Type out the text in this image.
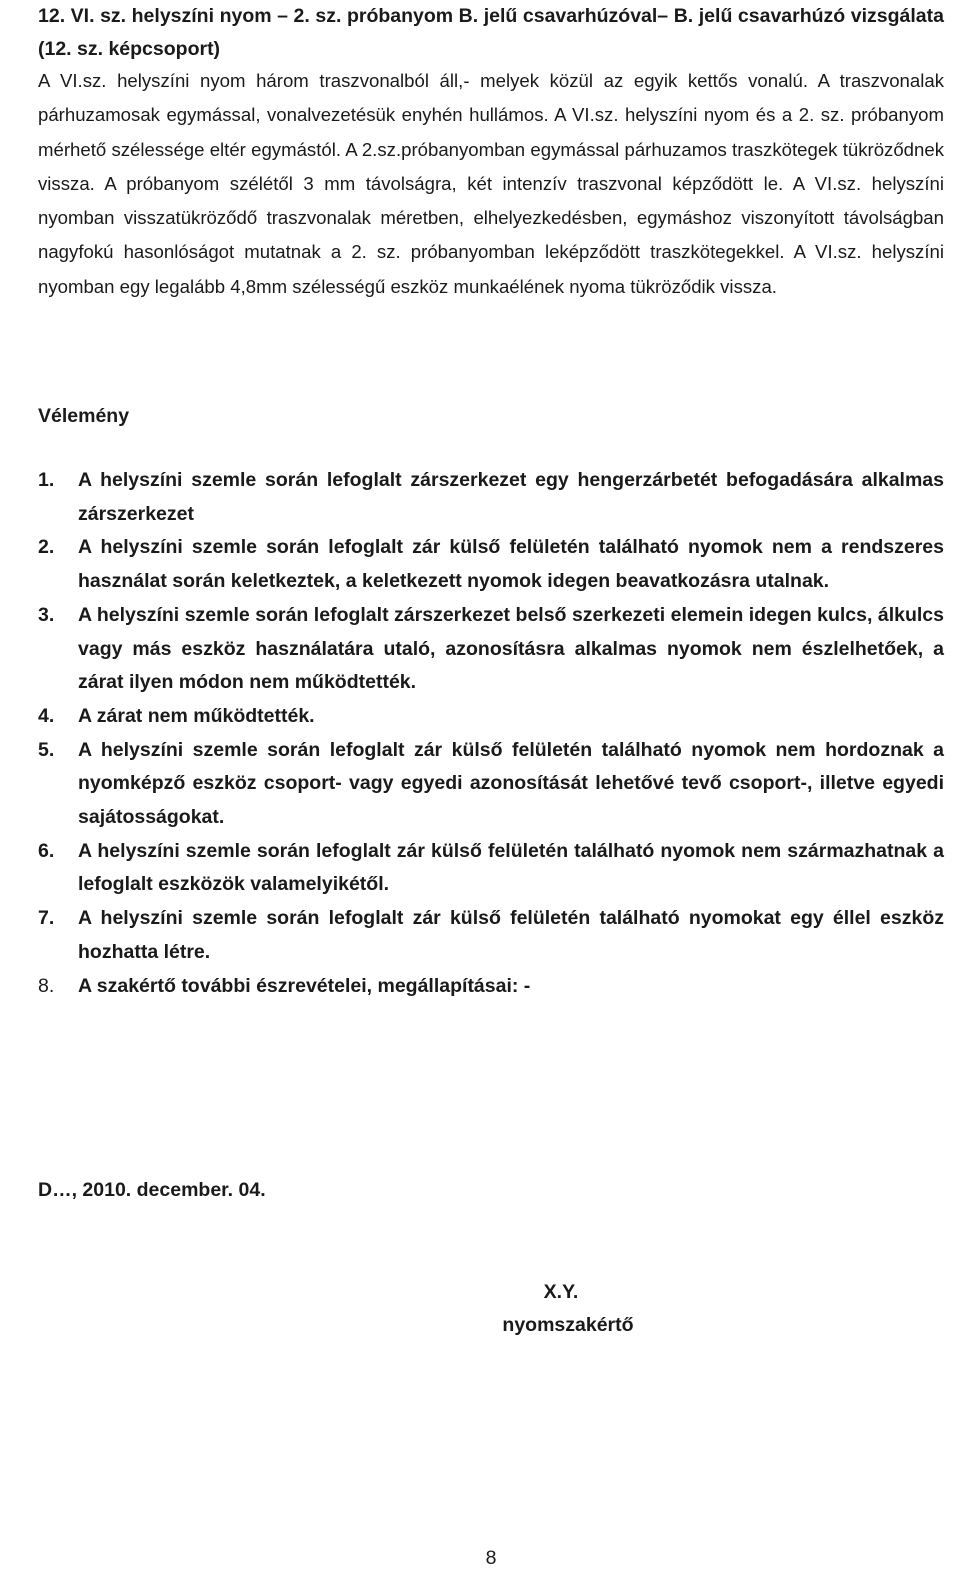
12. VI. sz. helyszíni nyom – 2. sz. próbanyom B. jelű csavarhúzóval– B. jelű csavarhúzó vizsgálata (12. sz. képcsoport)
A VI.sz. helyszíni nyom három traszvonalból áll,- melyek közül az egyik kettős vonalú. A traszvonalak párhuzamosak egymással, vonalvezetésük enyhén hullámos. A VI.sz. helyszíni nyom és a 2. sz. próbanyom mérhető szélessége eltér egymástól. A 2.sz.próbanyomban egymással párhuzamos traszkötegek tükröződnek vissza. A próbanyom szélétől 3 mm távolságra, két intenzív traszvonal képződött le. A VI.sz. helyszíni nyomban visszatükröződő traszvonalak méretben, elhelyezkedésben, egymáshoz viszonyított távolságban nagyfokú hasonlóságot mutatnak a 2. sz. próbanyomban leképződött traszkötegekkel. A VI.sz. helyszíni nyomban egy legalább 4,8mm szélességű eszköz munkaélének nyoma tükröződik vissza.
Vélemény
1.	A helyszíni szemle során lefoglalt zárszerkezet egy hengerzárbetét befogadására alkalmas zárszerkezet
2.	A helyszíni szemle során lefoglalt zár külső felületén található nyomok nem a rendszeres használat során keletkeztek, a keletkezett nyomok idegen beavatkozásra utalnak.
3.	A helyszíni szemle során lefoglalt zárszerkezet belső szerkezeti elemein idegen kulcs, álkulcs vagy más eszköz használatára utaló, azonosításra alkalmas nyomok nem észlelhetőek, a zárat ilyen módon nem működtették.
4.	A zárat nem működtették.
5.	A helyszíni szemle során lefoglalt zár külső felületén található nyomok nem hordoznak a nyomképző eszköz csoport- vagy egyedi azonosítását lehetővé tevő csoport-, illetve egyedi sajátosságokat.
6.	A helyszíni szemle során lefoglalt zár külső felületén található nyomok nem származhatnak a lefoglalt eszközök valamelyikétől.
7.	A helyszíni szemle során lefoglalt zár külső felületén található nyomokat egy éllel eszköz hozhatta létre.
8.	A szakértő további észrevételei, megállapításai: -
D…, 2010. december. 04.
X.Y.
nyomszakértő
8
